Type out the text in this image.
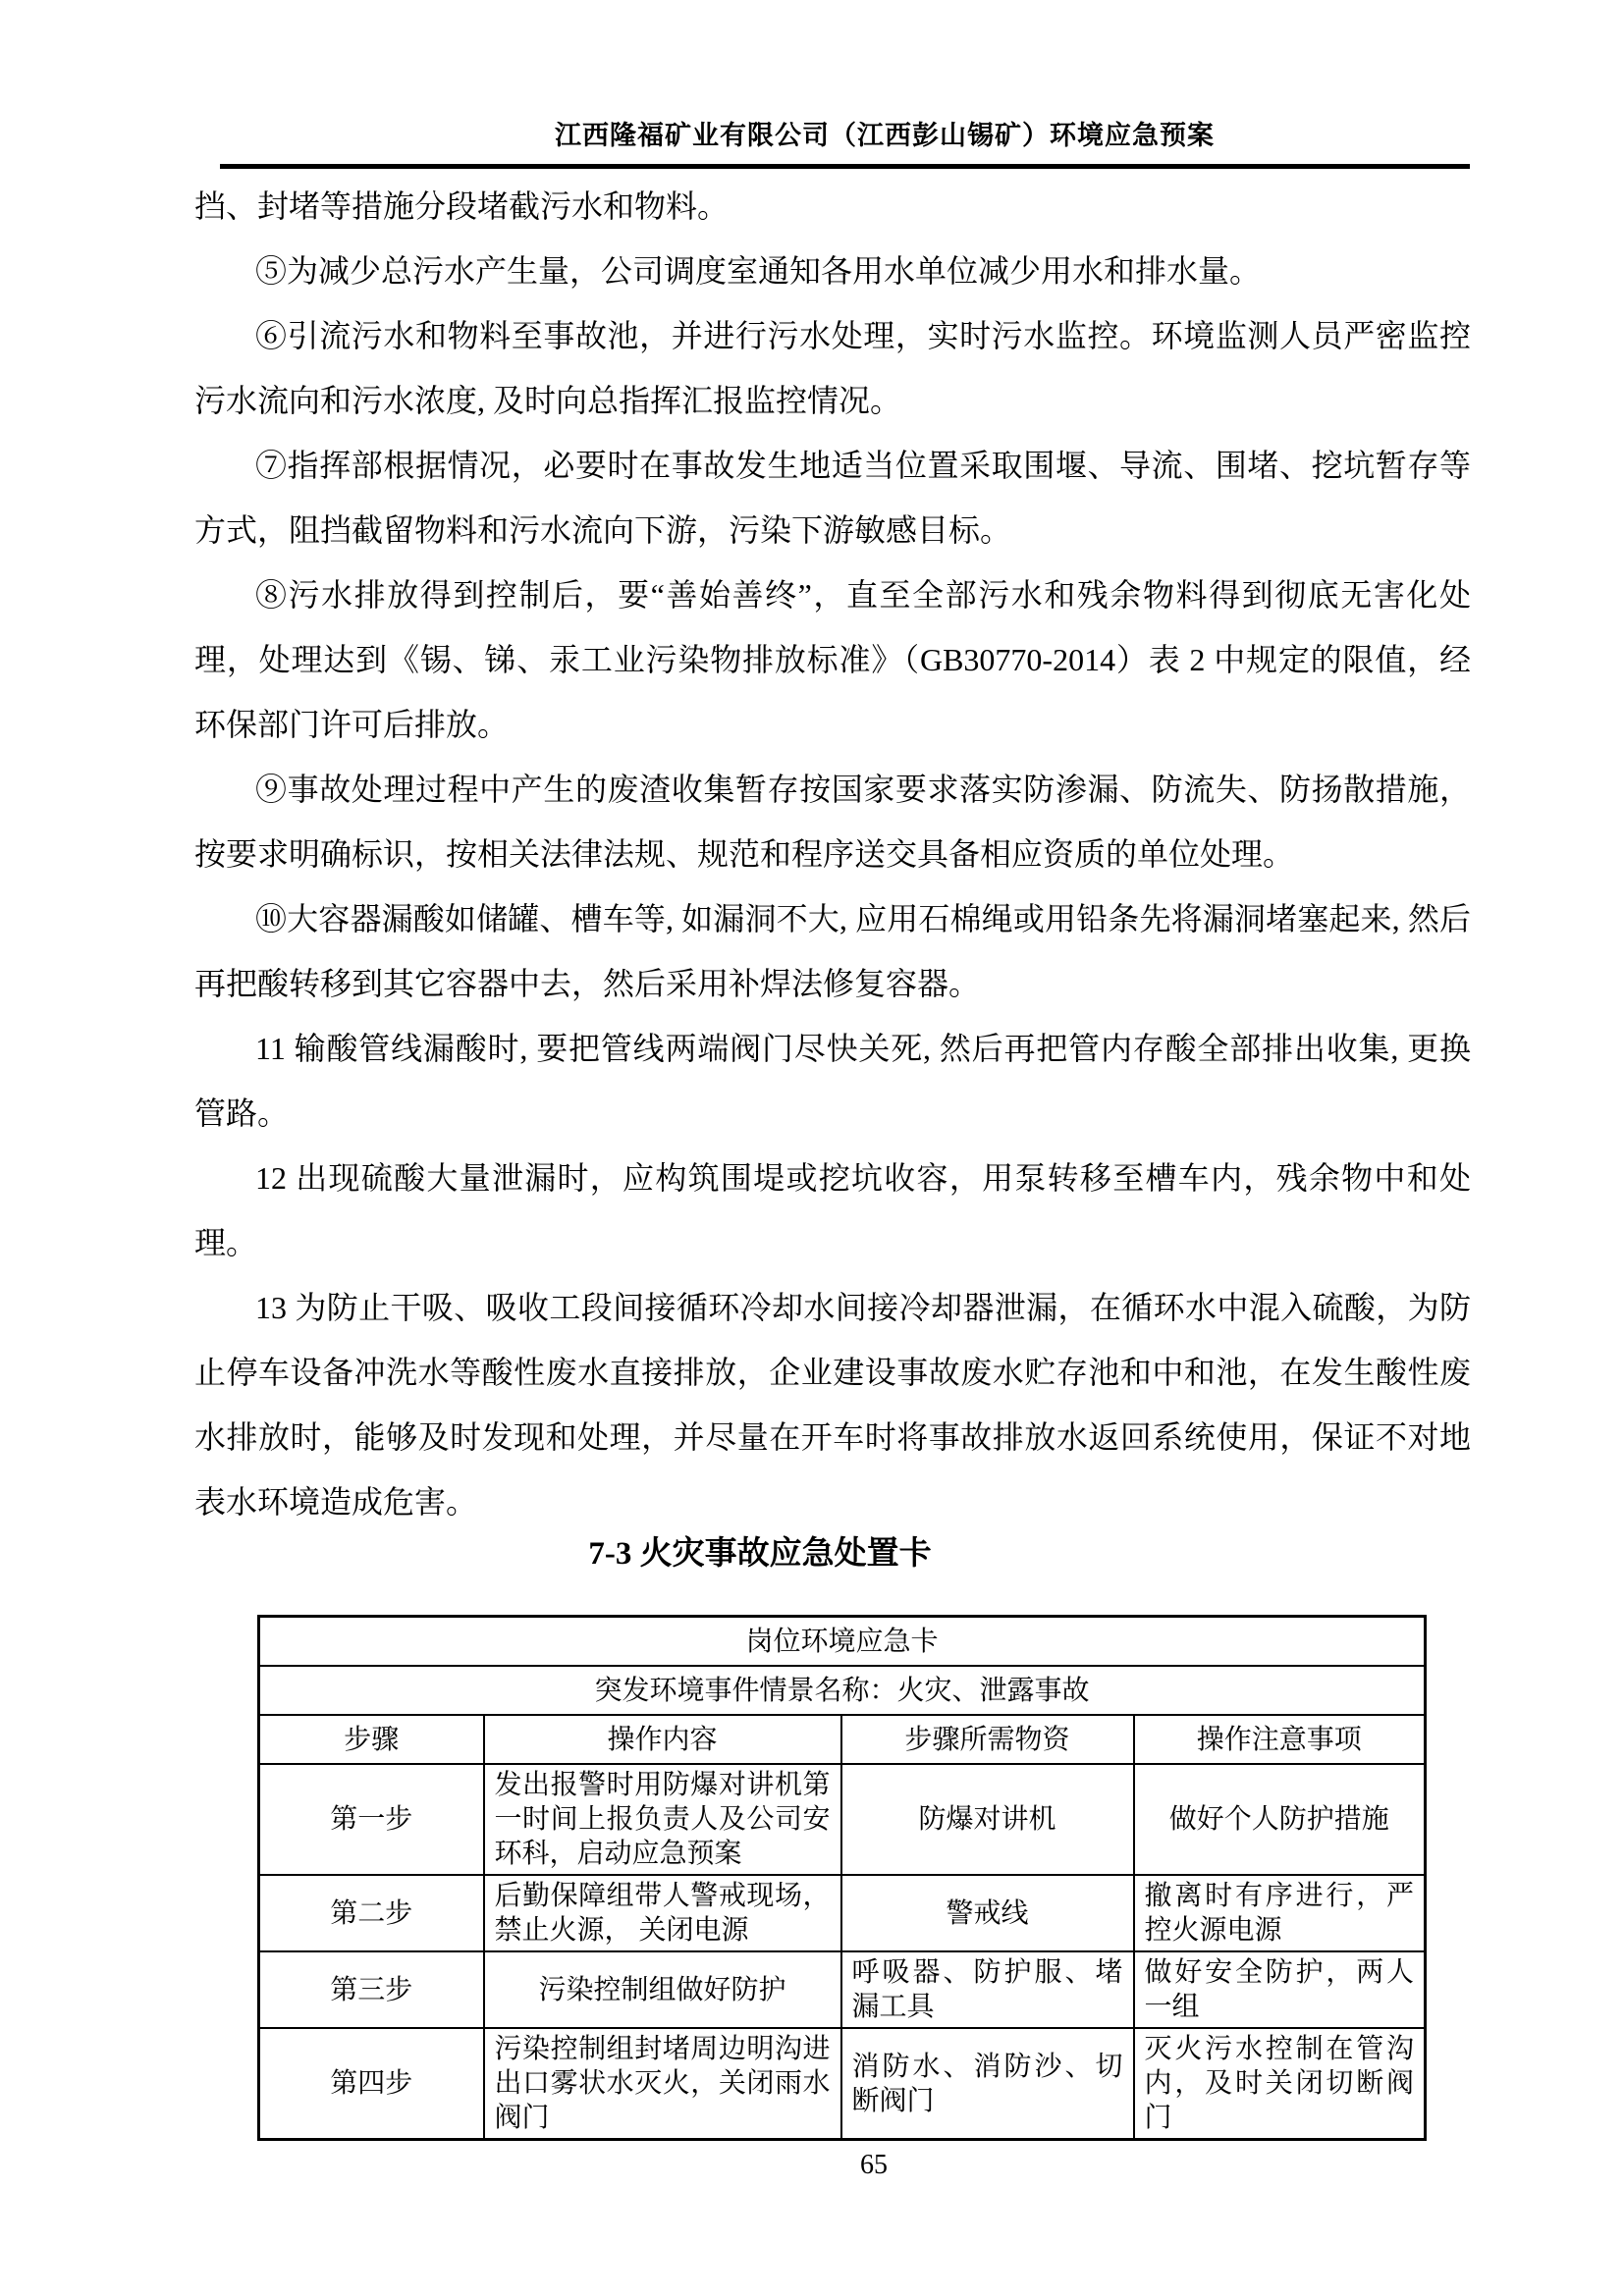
江西隆福矿业有限公司（江西彭山锡矿）环境应急预案

挡、封堵等措施分段堵截污水和物料。

⑤为减少总污水产生量，公司调度室通知各用水单位减少用水和排水量。

⑥引流污水和物料至事故池，并进行污水处理，实时污水监控。环境监测人员严密监控污水流向和污水浓度, 及时向总指挥汇报监控情况。

⑦指挥部根据情况，必要时在事故发生地适当位置采取围堰、导流、围堵、挖坑暂存等方式，阻挡截留物料和污水流向下游，污染下游敏感目标。

⑧污水排放得到控制后，要“善始善终”，直至全部污水和残余物料得到彻底无害化处理，处理达到《锡、锑、汞工业污染物排放标准》（GB30770-2014）表 2 中规定的限值，经环保部门许可后排放。

⑨事故处理过程中产生的废渣收集暂存按国家要求落实防渗漏、防流失、防扬散措施，按要求明确标识，按相关法律法规、规范和程序送交具备相应资质的单位处理。

⑩大容器漏酸如储罐、槽车等, 如漏洞不大, 应用石棉绳或用铅条先将漏洞堵塞起来, 然后再把酸转移到其它容器中去，然后采用补焊法修复容器。

11 输酸管线漏酸时, 要把管线两端阀门尽快关死, 然后再把管内存酸全部排出收集, 更换管路。

12 出现硫酸大量泄漏时，应构筑围堤或挖坑收容，用泵转移至槽车内，残余物中和处理。

13 为防止干吸、吸收工段间接循环冷却水间接冷却器泄漏，在循环水中混入硫酸，为防止停车设备冲洗水等酸性废水直接排放，企业建设事故废水贮存池和中和池，在发生酸性废水排放时，能够及时发现和处理，并尽量在开车时将事故排放水返回系统使用，保证不对地表水环境造成危害。

7-3 火灾事故应急处置卡
岗位环境应急卡			
突发环境事件情景名称：火灾、泄露事故			
步骤	操作内容	步骤所需物资	操作注意事项
第一步	发出报警时用防爆对讲机第一时间上报负责人及公司安环科，启动应急预案	防爆对讲机	做好个人防护措施
第二步	后勤保障组带人警戒现场，禁止火源， 关闭电源	警戒线	撤离时有序进行，严控火源电源
第三步	污染控制组做好防护	呼吸器、防护服、堵漏工具	做好安全防护，两人一组
第四步	污染控制组封堵周边明沟进出口雾状水灭火，关闭雨水阀门	消防水、消防沙、切断阀门	灭火污水控制在管沟内，及时关闭切断阀门
65
